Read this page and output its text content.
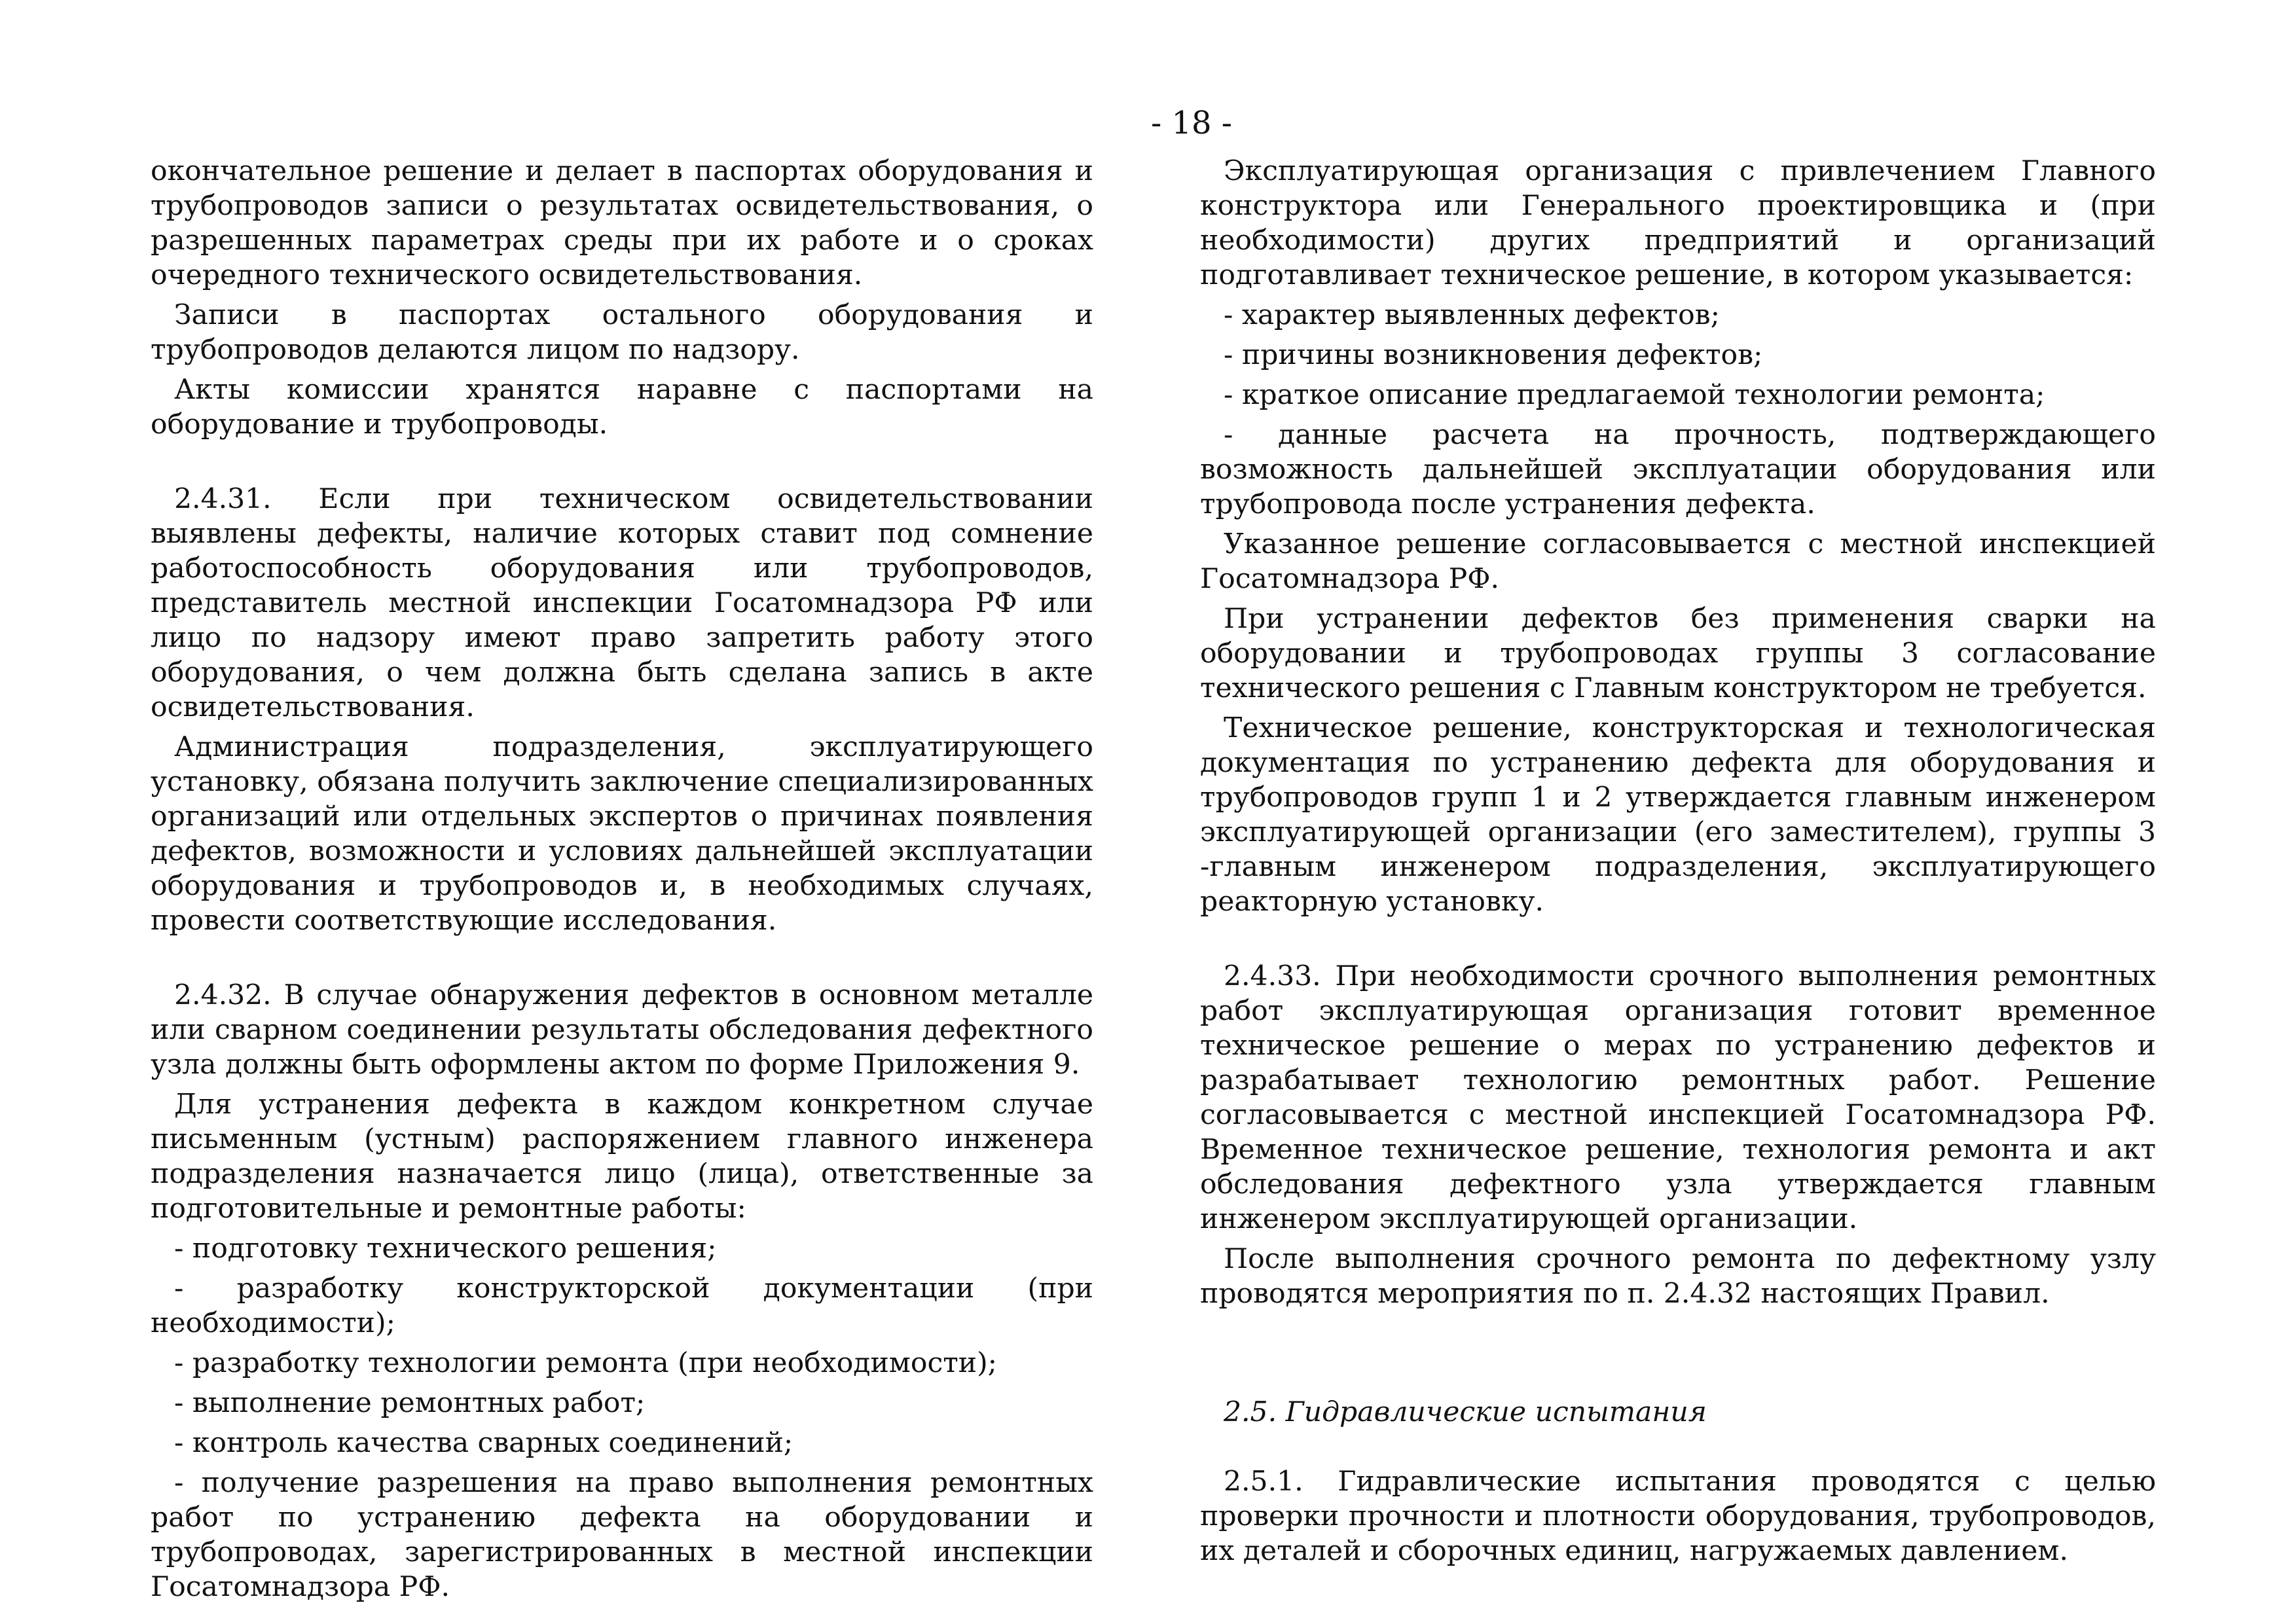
- 18 -

окончательное решение и делает в паспортах оборудования и трубопроводов записи о результатах освидетельствования, о разрешенных параметрах среды при их работе и о сроках очередного технического освидетельствования.

Записи в паспортах остального оборудования и трубопроводов делаются лицом по надзору.

Акты комиссии хранятся наравне с паспортами на оборудование и трубопроводы.

2.4.31. Если при техническом освидетельствовании выявлены дефекты, наличие которых ставит под сомнение работоспособность оборудования или трубопроводов, представитель местной инспекции Госатомнадзора РФ или лицо по надзору имеют право запретить работу этого оборудования, о чем должна быть сделана запись в акте освидетельствования.

Администрация подразделения, эксплуатирующего установку, обязана получить заключение специализированных организаций или отдельных экспертов о причинах появления дефектов, возможности и условиях дальнейшей эксплуатации оборудования и трубопроводов и, в необходимых случаях, провести соответствующие исследования.

2.4.32. В случае обнаружения дефектов в основном металле или сварном соединении результаты обследования дефектного узла должны быть оформлены актом по форме Приложения 9.

Для устранения дефекта в каждом конкретном случае письменным (устным) распоряжением главного инженера подразделения назначается лицо (лица), ответственные за подготовительные и ремонтные работы:

- подготовку технического решения;

- разработку конструкторской документации (при необходимости);

- разработку технологии ремонта (при необходимости);

- выполнение ремонтных работ;

- контроль качества сварных соединений;

- получение разрешения на право выполнения ремонтных работ по устранению дефекта на оборудовании и трубопроводах, зарегистрированных в местной инспекции Госатомнадзора РФ.

Эксплуатирующая организация с привлечением Главного конструктора или Генерального проектировщика и (при необходимости) других предприятий и организаций подготавливает техническое решение, в котором указывается:

- характер выявленных дефектов;

- причины возникновения дефектов;

- краткое описание предлагаемой технологии ремонта;

- данные расчета на прочность, подтверждающего возможность дальнейшей эксплуатации оборудования или трубопровода после устранения дефекта.

Указанное решение согласовывается с местной инспекцией Госатомнадзора РФ.

При устранении дефектов без применения сварки на оборудовании и трубопроводах группы 3 согласование технического решения с Главным конструктором не требуется.

Техническое решение, конструкторская и технологическая документация по устранению дефекта для оборудования и трубопроводов групп 1 и 2 утверждается главным инженером эксплуатирующей организации (его заместителем), группы 3 -главным инженером подразделения, эксплуатирующего реакторную установку.

2.4.33. При необходимости срочного выполнения ремонтных работ эксплуатирующая организация готовит временное техническое решение о мерах по устранению дефектов и разрабатывает технологию ремонтных работ. Решение согласовывается с местной инспекцией Госатомнадзора РФ. Временное техническое решение, технология ремонта и акт обследования дефектного узла утверждается главным инженером эксплуатирующей организации.

После выполнения срочного ремонта по дефектному узлу проводятся мероприятия по п. 2.4.32 настоящих Правил.

2.5. Гидравлические испытания

2.5.1. Гидравлические испытания проводятся с целью проверки прочности и плотности оборудования, трубопроводов, их деталей и сборочных единиц, нагружаемых давлением.
